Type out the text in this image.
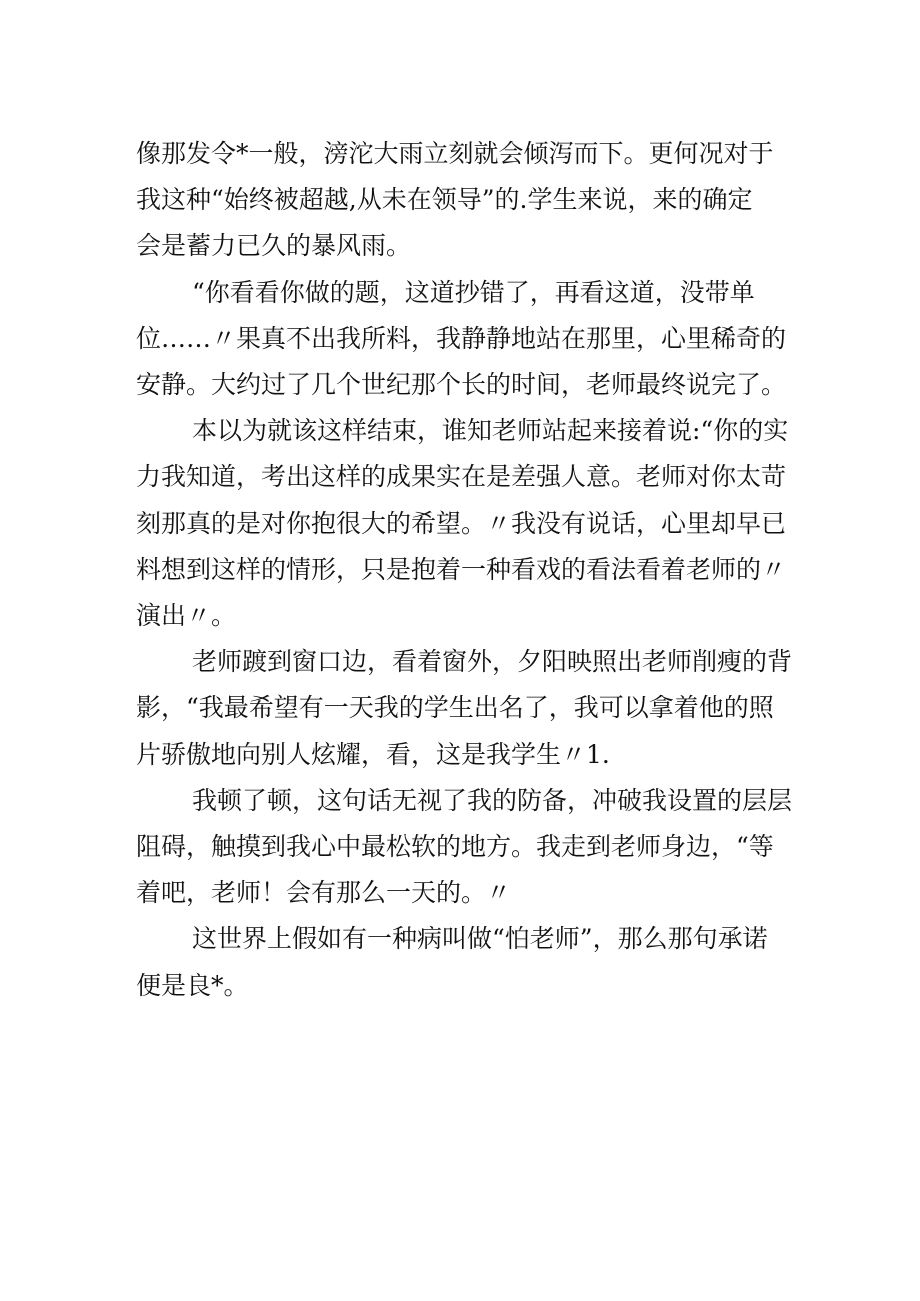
像那发令*一般，滂沱大雨立刻就会倾泻而下。更何况对于
我这种“始终被超越,从未在领导”的.学生来说，来的确定
会是蓄力已久的暴风雨。
“你看看你做的题，这道抄错了，再看这道，没带单
位……〃果真不出我所料，我静静地站在那里，心里稀奇的
安静。大约过了几个世纪那个长的时间，老师最终说完了。
本以为就该这样结束，谁知老师站起来接着说:“你的实
力我知道，考出这样的成果实在是差强人意。老师对你太苛
刻那真的是对你抱很大的希望。〃我没有说话，心里却早已
料想到这样的情形，只是抱着一种看戏的看法看着老师的〃
演出〃。
老师踱到窗口边，看着窗外，夕阳映照出老师削瘦的背
影，“我最希望有一天我的学生出名了，我可以拿着他的照
片骄傲地向别人炫耀，看，这是我学生〃1.
我顿了顿，这句话无视了我的防备，冲破我设置的层层
阻碍，触摸到我心中最松软的地方。我走到老师身边，“等
着吧，老师！会有那么一天的。〃
这世界上假如有一种病叫做“怕老师”，那么那句承诺
便是良*。
